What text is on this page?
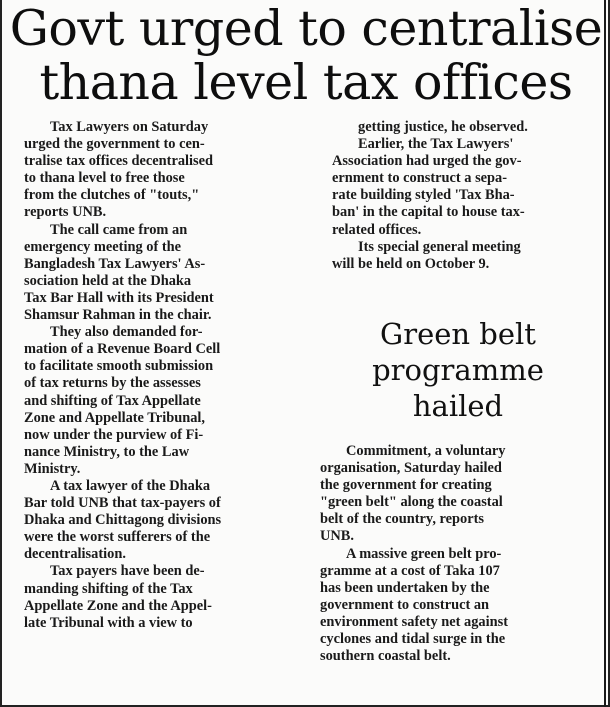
Govt urged to centralise
thana level tax offices

Tax Lawyers on Saturday
urged the government to cen-
tralise tax offices decentralised
to thana level to free those
from the clutches of "touts,"
reports UNB.

The call came from an
emergency meeting of the
Bangladesh Tax Lawyers' As-
sociation held at the Dhaka
Tax Bar Hall with its President
Shamsur Rahman in the chair.

They also demanded for-
mation of a Revenue Board Cell
to facilitate smooth submission
of tax returns by the assesses
and shifting of Tax Appellate
Zone and Appellate Tribunal,
now under the purview of Fi-
nance Ministry, to the Law
Ministry.

A tax lawyer of the Dhaka
Bar told UNB that tax-payers of
Dhaka and Chittagong divisions
were the worst sufferers of the
decentralisation.

Tax payers have been de-
manding shifting of the Tax
Appellate Zone and the Appel-
late Tribunal with a view to

getting justice, he observed.

Earlier, the Tax Lawyers'
Association had urged the gov-
ernment to construct a sepa-
rate building styled 'Tax Bha-
ban' in the capital to house tax-
related offices.

Its special general meeting
will be held on October 9.

Green belt
programme
hailed

Commitment, a voluntary
organisation, Saturday hailed
the government for creating
"green belt" along the coastal
belt of the country, reports
UNB.

A massive green belt pro-
gramme at a cost of Taka 107
has been undertaken by the
government to construct an
environment safety net against
cyclones and tidal surge in the
southern coastal belt.
